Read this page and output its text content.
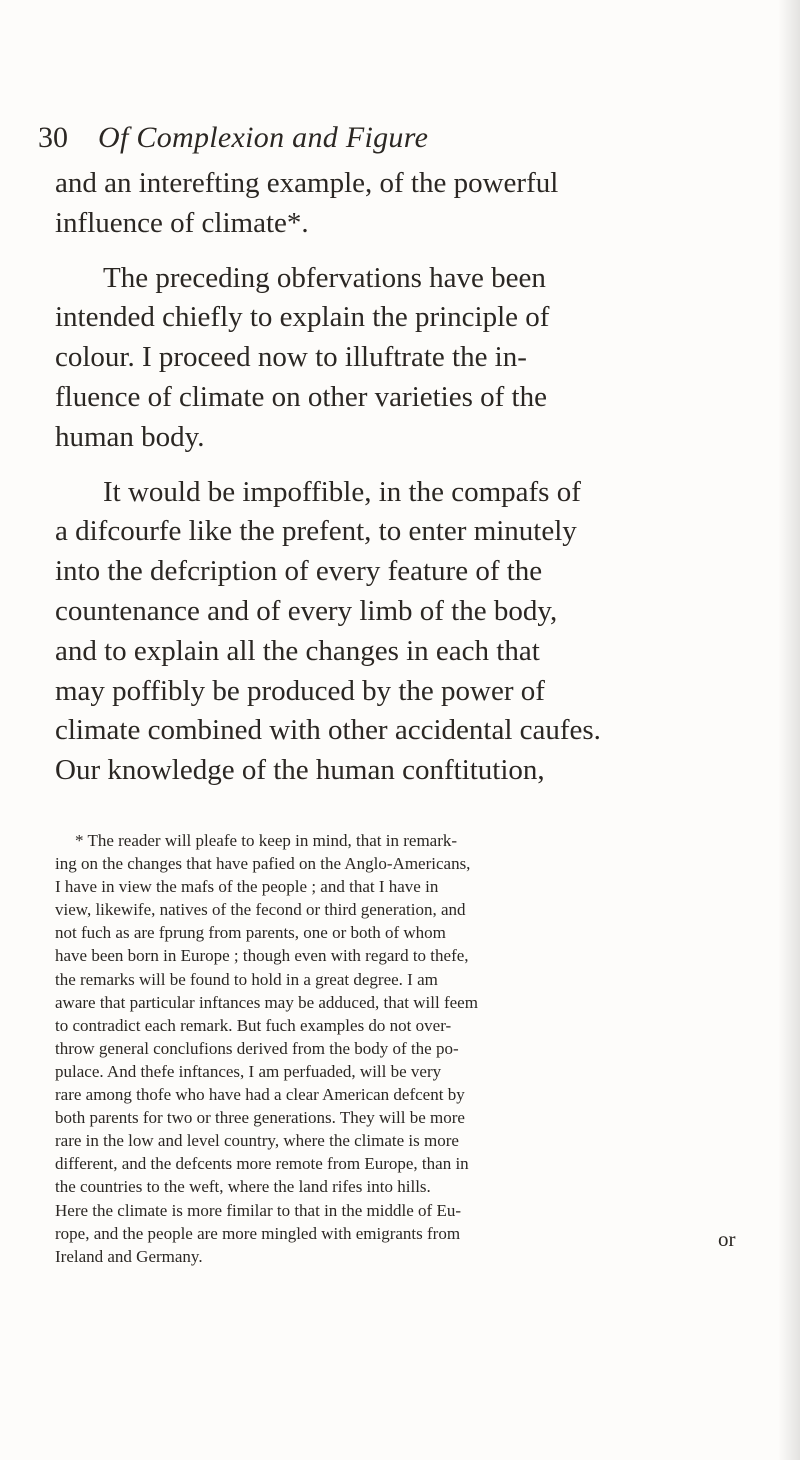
30 Of Complexion and Figure
and an interefting example, of the powerful
influence of climate*.
The preceding obfervations have been
intended chiefly to explain the principle of
colour. I proceed now to illuftrate the in-
fluence of climate on other varieties of the
human body.
It would be impoffible, in the compafs of
a difcourfe like the prefent, to enter minutely
into the defcription of every feature of the
countenance and of every limb of the body,
and to explain all the changes in each that
may poffibly be produced by the power of
climate combined with other accidental caufes.
Our knowledge of the human conftitution,
* The reader will pleafe to keep in mind, that in remark-
ing on the changes that have pafied on the Anglo-Americans,
I have in view the mafs of the people ; and that I have in
view, likewife, natives of the fecond or third generation, and
not fuch as are fprung from parents, one or both of whom
have been born in Europe ; though even with regard to thefe,
the remarks will be found to hold in a great degree. I am
aware that particular inftances may be adduced, that will feem
to contradict each remark. But fuch examples do not over-
throw general conclufions derived from the body of the po-
pulace. And thefe inftances, I am perfuaded, will be very
rare among thofe who have had a clear American defcent by
both parents for two or three generations. They will be more
rare in the low and level country, where the climate is more
different, and the defcents more remote from Europe, than in
the countries to the weft, where the land rifes into hills.
Here the climate is more fimilar to that in the middle of Eu-
rope, and the people are more mingled with emigrants from
Ireland and Germany.
or
